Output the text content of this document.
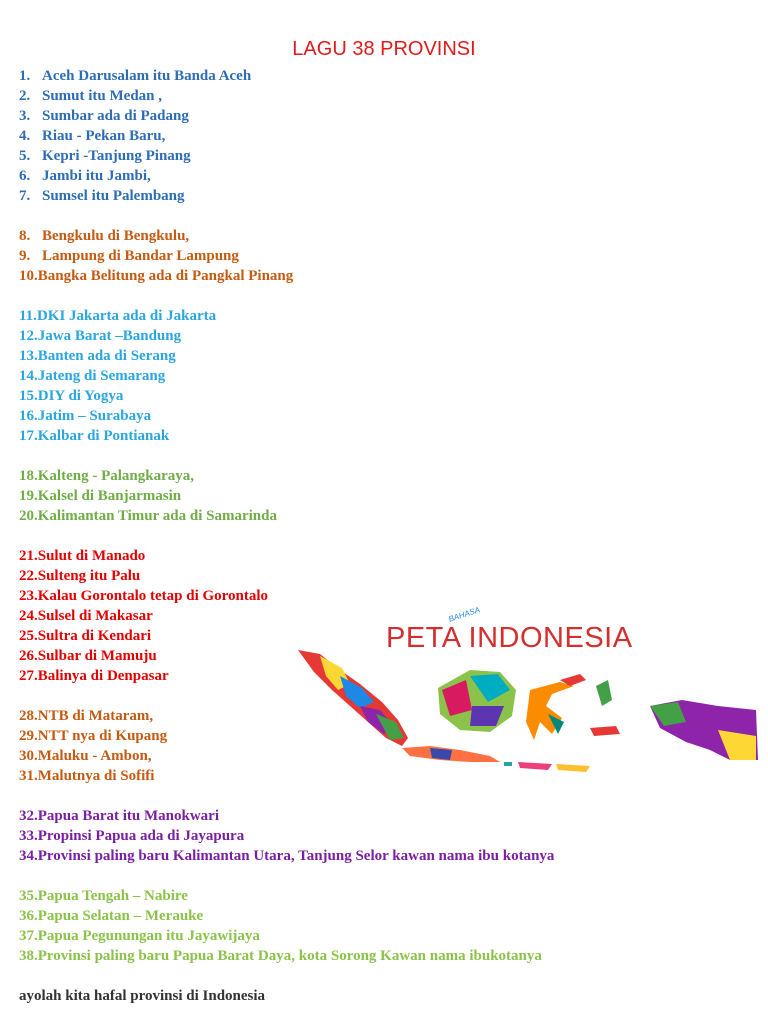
LAGU 38 PROVINSI
1. Aceh Darusalam itu Banda Aceh
2. Sumut itu Medan ,
3. Sumbar ada di Padang
4. Riau - Pekan Baru,
5. Kepri -Tanjung Pinang
6. Jambi itu Jambi,
7. Sumsel itu Palembang
8. Bengkulu di Bengkulu,
9. Lampung di Bandar Lampung
10.Bangka Belitung ada di Pangkal Pinang
11.DKI Jakarta ada di Jakarta
12.Jawa Barat –Bandung
13.Banten ada di Serang
14.Jateng di Semarang
15.DIY di Yogya
16.Jatim – Surabaya
17.Kalbar di Pontianak
18.Kalteng - Palangkaraya,
19.Kalsel di Banjarmasin
20.Kalimantan Timur ada di Samarinda
21.Sulut di Manado
22.Sulteng itu Palu
23.Kalau Gorontalo tetap di Gorontalo
24.Sulsel di Makasar
25.Sultra di Kendari
26.Sulbar di Mamuju
27.Balinya di Denpasar
28.NTB di Mataram,
29.NTT nya di Kupang
30.Maluku - Ambon,
31.Malutnya di Sofifi
32.Papua Barat itu Manokwari
33.Propinsi Papua ada di Jayapura
34.Provinsi paling baru Kalimantan Utara, Tanjung Selor kawan nama ibu kotanya
35.Papua Tengah – Nabire
36.Papua Selatan – Merauke
37.Papua Pegunungan itu Jayawijaya
38.Provinsi paling baru Papua Barat Daya, kota Sorong Kawan nama ibukotanya
ayolah kita hafal provinsi di Indonesia
BAHASA
PETA INDONESIA
